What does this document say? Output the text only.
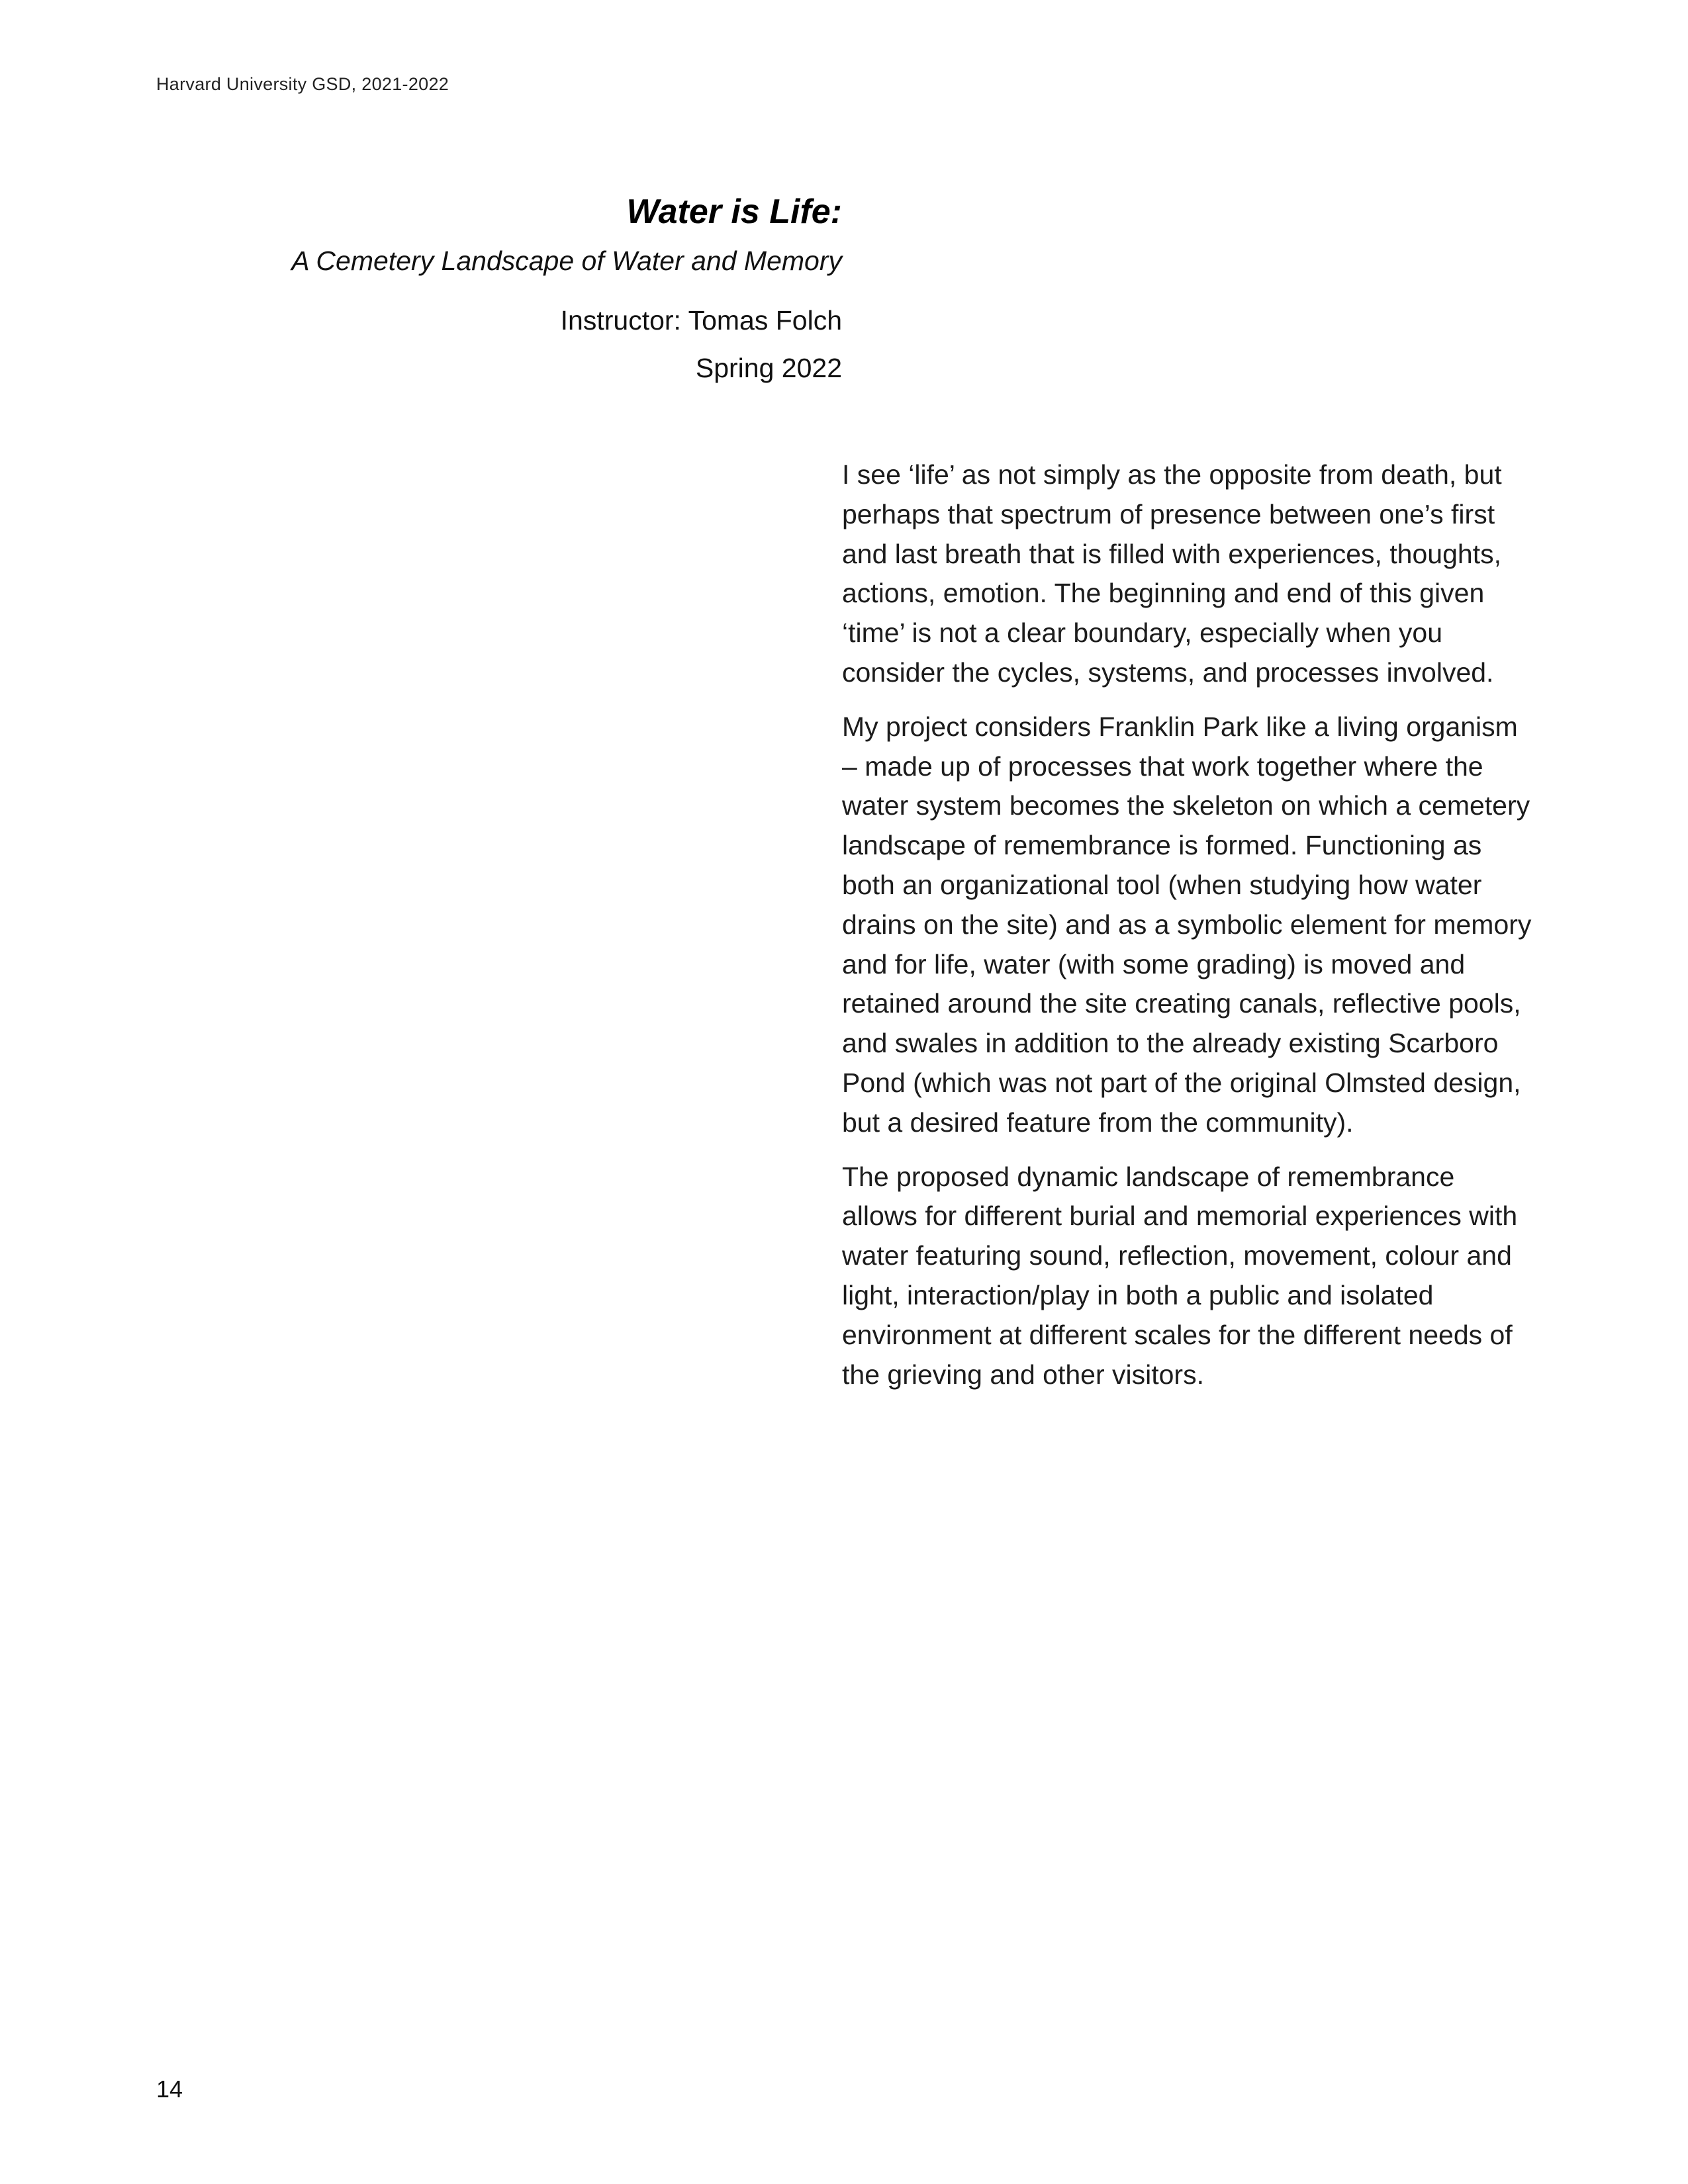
Harvard University GSD, 2021-2022
Water is Life:
A Cemetery Landscape of Water and Memory
Instructor: Tomas Folch
Spring 2022

I see ‘life’ as not simply as the opposite from death, but perhaps that spectrum of presence between one’s first and last breath that is filled with experiences, thoughts, actions, emotion. The beginning and end of this given ‘time’ is not a clear boundary, especially when you consider the cycles, systems, and processes involved.

My project considers Franklin Park like a living organism – made up of processes that work together where the water system becomes the skeleton on which a cemetery landscape of remembrance is formed. Functioning as both an organizational tool (when studying how water drains on the site) and as a symbolic element for memory and for life, water (with some grading) is moved and retained around the site creating canals, reflective pools, and swales in addition to the already existing Scarboro Pond (which was not part of the original Olmsted design, but a desired feature from the community).

The proposed dynamic landscape of remembrance allows for different burial and memorial experiences with water featuring sound, reflection, movement, colour and light, interaction/play in both a public and isolated environment at different scales for the different needs of the grieving and other visitors.

14
